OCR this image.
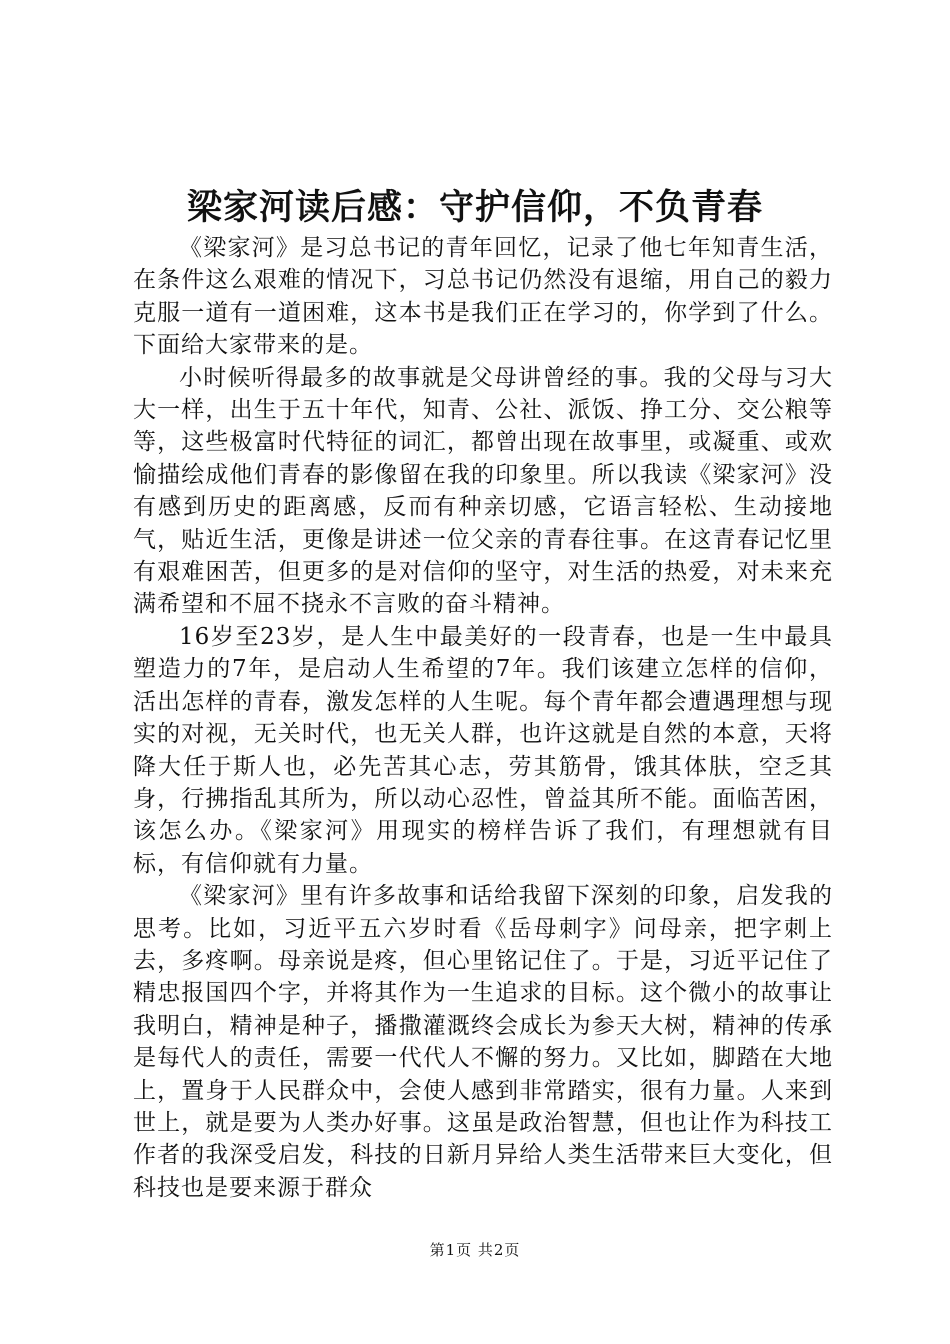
梁家河读后感：守护信仰，不负青春

《梁家河》是习总书记的青年回忆，记录了他七年知青生活，在条件这么艰难的情况下，习总书记仍然没有退缩，用自己的毅力克服一道有一道困难，这本书是我们正在学习的，你学到了什么。下面给大家带来的是。

小时候听得最多的故事就是父母讲曾经的事。我的父母与习大大一样，出生于五十年代，知青、公社、派饭、挣工分、交公粮等等，这些极富时代特征的词汇，都曾出现在故事里，或凝重、或欢愉描绘成他们青春的影像留在我的印象里。所以我读《梁家河》没有感到历史的距离感，反而有种亲切感，它语言轻松、生动接地气，贴近生活，更像是讲述一位父亲的青春往事。在这青春记忆里有艰难困苦，但更多的是对信仰的坚守，对生活的热爱，对未来充满希望和不屈不挠永不言败的奋斗精神。

16岁至23岁，是人生中最美好的一段青春，也是一生中最具塑造力的7年，是启动人生希望的7年。我们该建立怎样的信仰，活出怎样的青春，激发怎样的人生呢。每个青年都会遭遇理想与现实的对视，无关时代，也无关人群，也许这就是自然的本意，天将降大任于斯人也，必先苦其心志，劳其筋骨，饿其体肤，空乏其身，行拂指乱其所为，所以动心忍性，曾益其所不能。面临苦困，该怎么办。《梁家河》用现实的榜样告诉了我们，有理想就有目标，有信仰就有力量。

《梁家河》里有许多故事和话给我留下深刻的印象，启发我的思考。比如，习近平五六岁时看《岳母刺字》问母亲，把字刺上去，多疼啊。母亲说是疼，但心里铭记住了。于是，习近平记住了精忠报国四个字，并将其作为一生追求的目标。这个微小的故事让我明白，精神是种子，播撒灌溉终会成长为参天大树，精神的传承是每代人的责任，需要一代代人不懈的努力。又比如，脚踏在大地上，置身于人民群众中，会使人感到非常踏实，很有力量。人来到世上，就是要为人类办好事。这虽是政治智慧，但也让作为科技工作者的我深受启发，科技的日新月异给人类生活带来巨大变化，但科技也是要来源于群众

第1页 共2页
